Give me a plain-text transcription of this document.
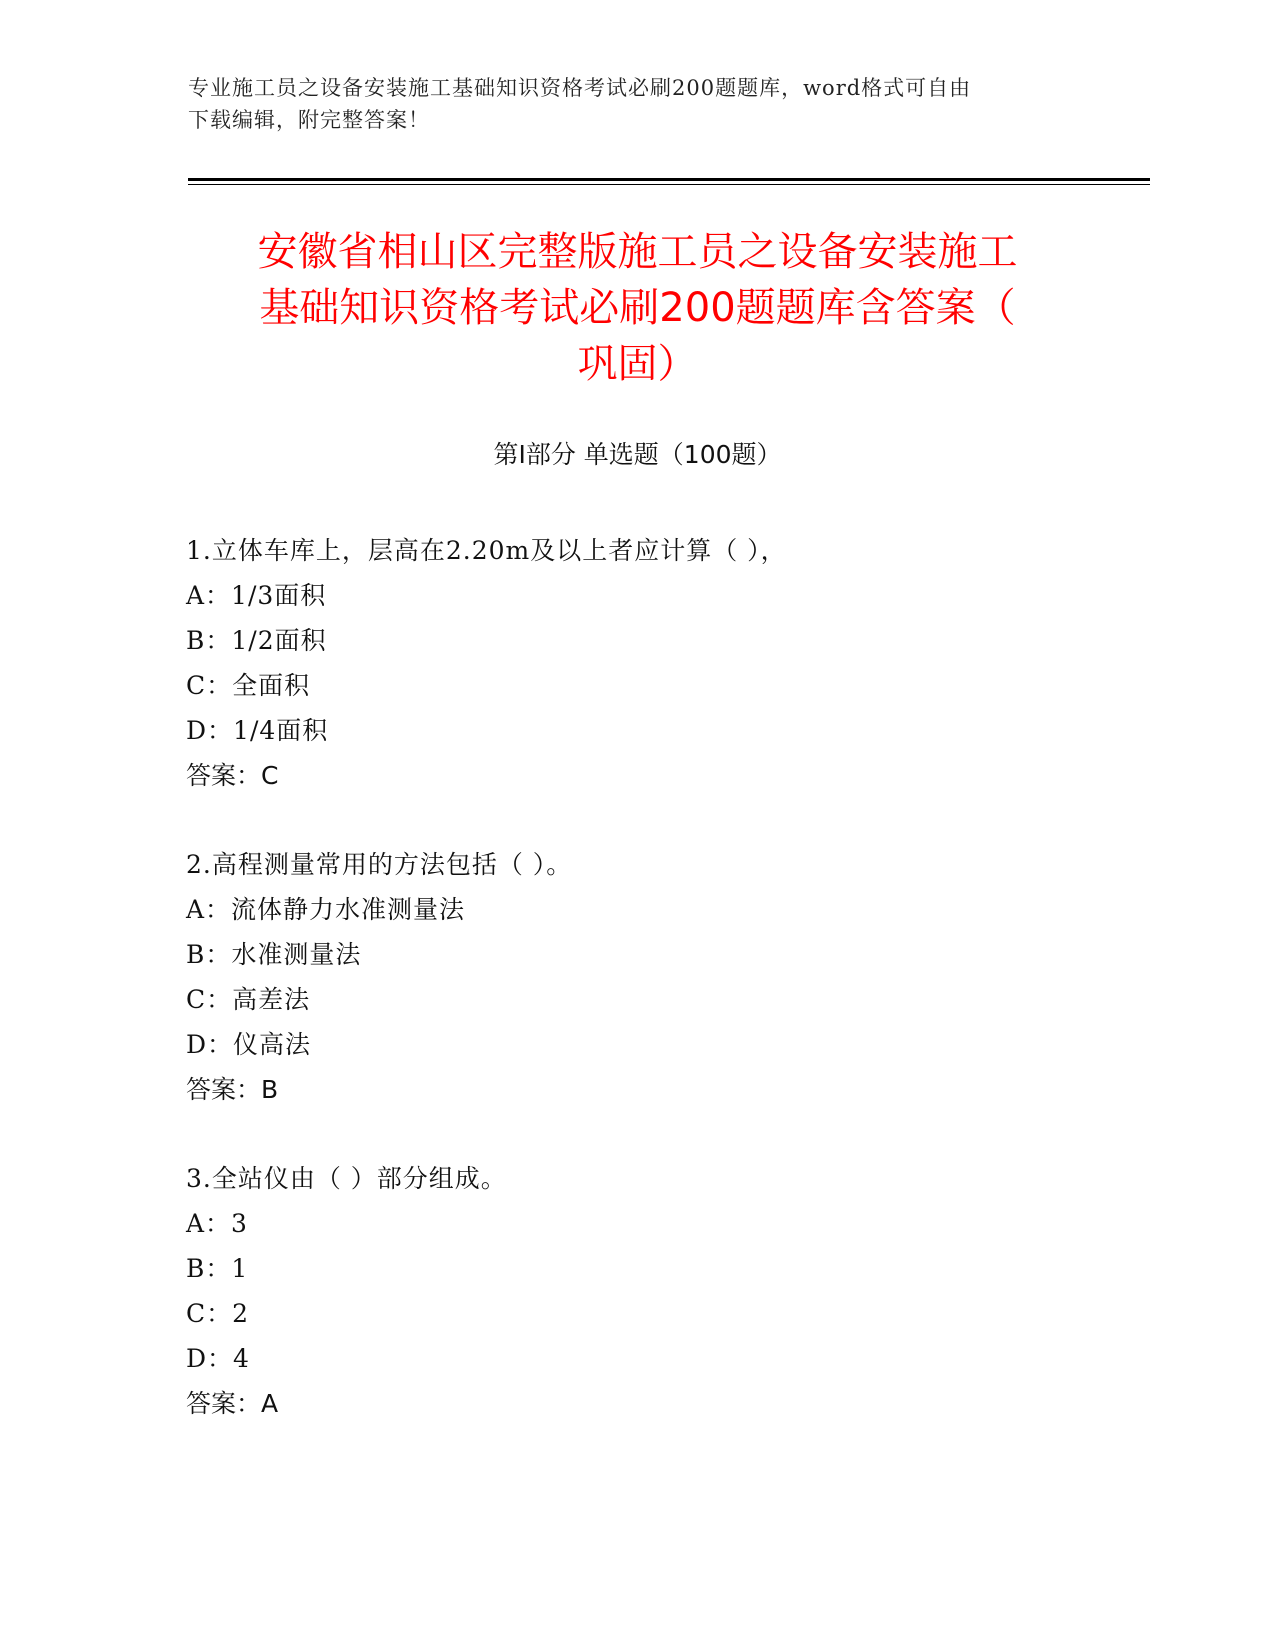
专业施工员之设备安装施工基础知识资格考试必刷200题题库，word格式可自由
下载编辑，附完整答案！
安徽省相山区完整版施工员之设备安装施工
基础知识资格考试必刷200题题库含答案（
巩固）
第Ⅰ部分 单选题（100题）
1.立体车库上，层高在2.20m及以上者应计算（ ），
A：1/3面积
B：1/2面积
C：全面积
D：1/4面积
答案：C
2.高程测量常用的方法包括（ ）。
A：流体静力水准测量法
B：水准测量法
C：高差法
D：仪高法
答案：B
3.全站仪由（ ）部分组成。
A：3
B：1
C：2
D：4
答案：A
